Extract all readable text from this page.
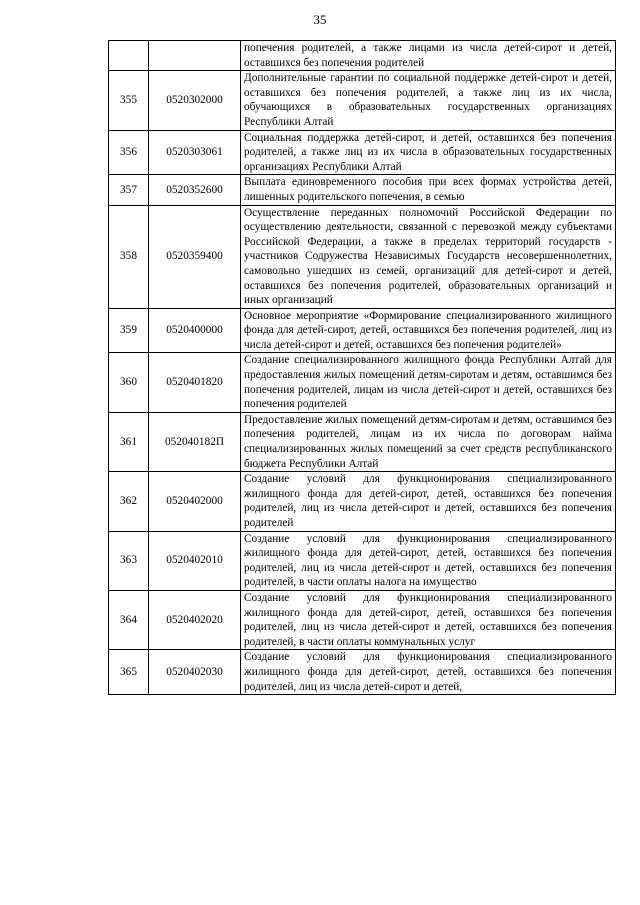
35
		попечения родителей, а также лицами из числа детей-сирот и детей, оставшихся без попечения родителей
355	0520302000	Дополнительные гарантии по социальной поддержке детей-сирот и детей, оставшихся без попечения родителей, а также лиц из их числа, обучающихся в образовательных государственных организациях Республики Алтай
356	0520303061	Социальная поддержка детей-сирот, и детей, оставшихся без попечения родителей, а также лиц из их числа в образовательных государственных организациях Республики Алтай
357	0520352600	Выплата единовременного пособия при всех формах устройства детей, лишенных родительского попечения, в семью
358	0520359400	Осуществление переданных полномочий Российской Федерации по осуществлению деятельности, связанной с перевозкой между субъектами Российской Федерации, а также в пределах территорий государств - участников Содружества Независимых Государств несовершеннолетних, самовольно ушедших из семей, организаций для детей-сирот и детей, оставшихся без попечения родителей, образовательных организаций и иных организаций
359	0520400000	Основное мероприятие «Формирование специализированного жилищного фонда для детей-сирот, детей, оставшихся без попечения родителей, лиц из числа детей-сирот и детей, оставшихся без попечения родителей»
360	0520401820	Создание специализированного жилищного фонда Республики Алтай для предоставления жилых помещений детям-сиротам и детям, оставшимся без попечения родителей, лицам из числа детей-сирот и детей, оставшихся без попечения родителей
361	052040182П	Предоставление жилых помещений детям-сиротам и детям, оставшимся без попечения родителей, лицам из их числа по договорам найма специализированных жилых помещений за счет средств республиканского бюджета Республики Алтай
362	0520402000	Создание условий для функционирования специализированного жилищного фонда для детей-сирот, детей, оставшихся без попечения родителей, лиц из числа детей-сирот и детей, оставшихся без попечения родителей
363	0520402010	Создание условий для функционирования специализированного жилищного фонда для детей-сирот, детей, оставшихся без попечения родителей, лиц из числа детей-сирот и детей, оставшихся без попечения родителей, в части оплаты налога на имущество
364	0520402020	Создание условий для функционирования специализированного жилищного фонда для детей-сирот, детей, оставшихся без попечения родителей, лиц из числа детей-сирот и детей, оставшихся без попечения родителей, в части оплаты коммунальных услуг
365	0520402030	Создание условий для функционирования специализированного жилищного фонда для детей-сирот, детей, оставшихся без попечения родителей, лиц из числа детей-сирот и детей,
